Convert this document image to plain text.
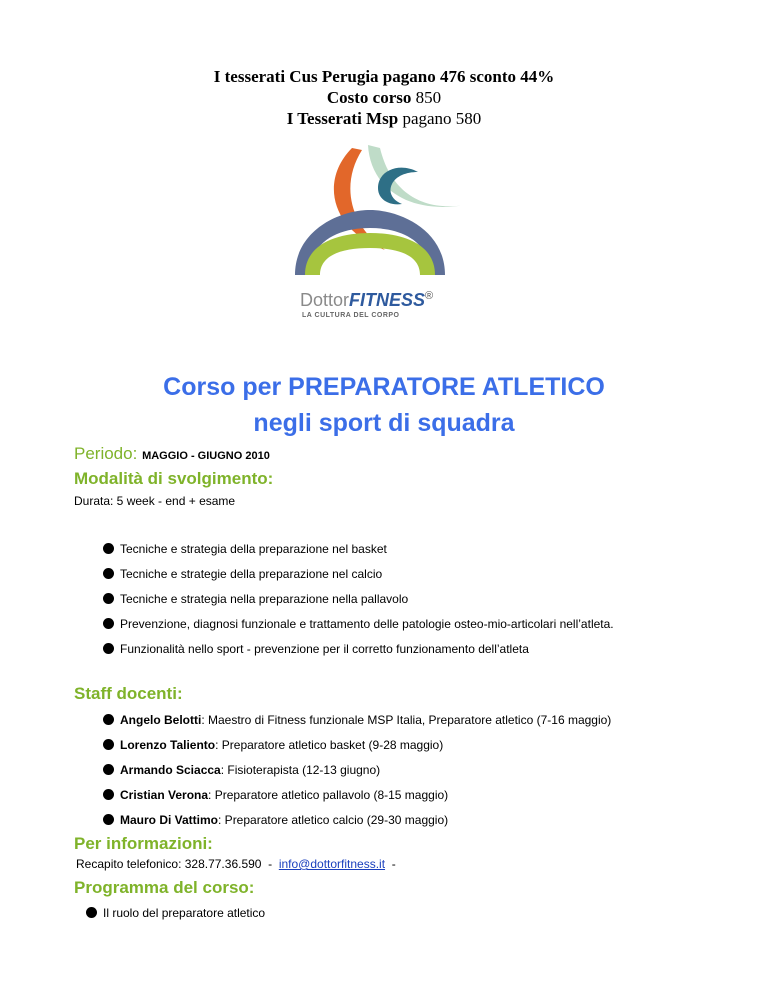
I tesserati Cus Perugia pagano 476 sconto 44%
Costo corso 850
I Tesserati Msp pagano 580
DottorFITNESS®
LA CULTURA DEL CORPO
Corso per PREPARATORE ATLETICO
negli sport di squadra
Periodo: MAGGIO - GIUGNO 2010
Modalità di svolgimento:
Durata: 5 week - end + esame
Tecniche e strategia della preparazione nel basket
Tecniche e strategie della preparazione nel calcio
Tecniche e strategia nella preparazione nella pallavolo
Prevenzione, diagnosi funzionale e trattamento delle patologie osteo-mio-articolari nell’atleta.
Funzionalità nello sport - prevenzione per il corretto funzionamento dell’atleta
Staff docenti:
Angelo Belotti: Maestro di Fitness funzionale MSP Italia, Preparatore atletico (7-16 maggio)
Lorenzo Taliento: Preparatore atletico basket (9-28 maggio)
Armando Sciacca: Fisioterapista (12-13 giugno)
Cristian Verona: Preparatore atletico pallavolo (8-15 maggio)
Mauro Di Vattimo: Preparatore atletico calcio (29-30 maggio)
Per informazioni:
Recapito telefonico: 328.77.36.590  -  info@dottorfitness.it  -
Programma del corso:
Il ruolo del preparatore atletico
